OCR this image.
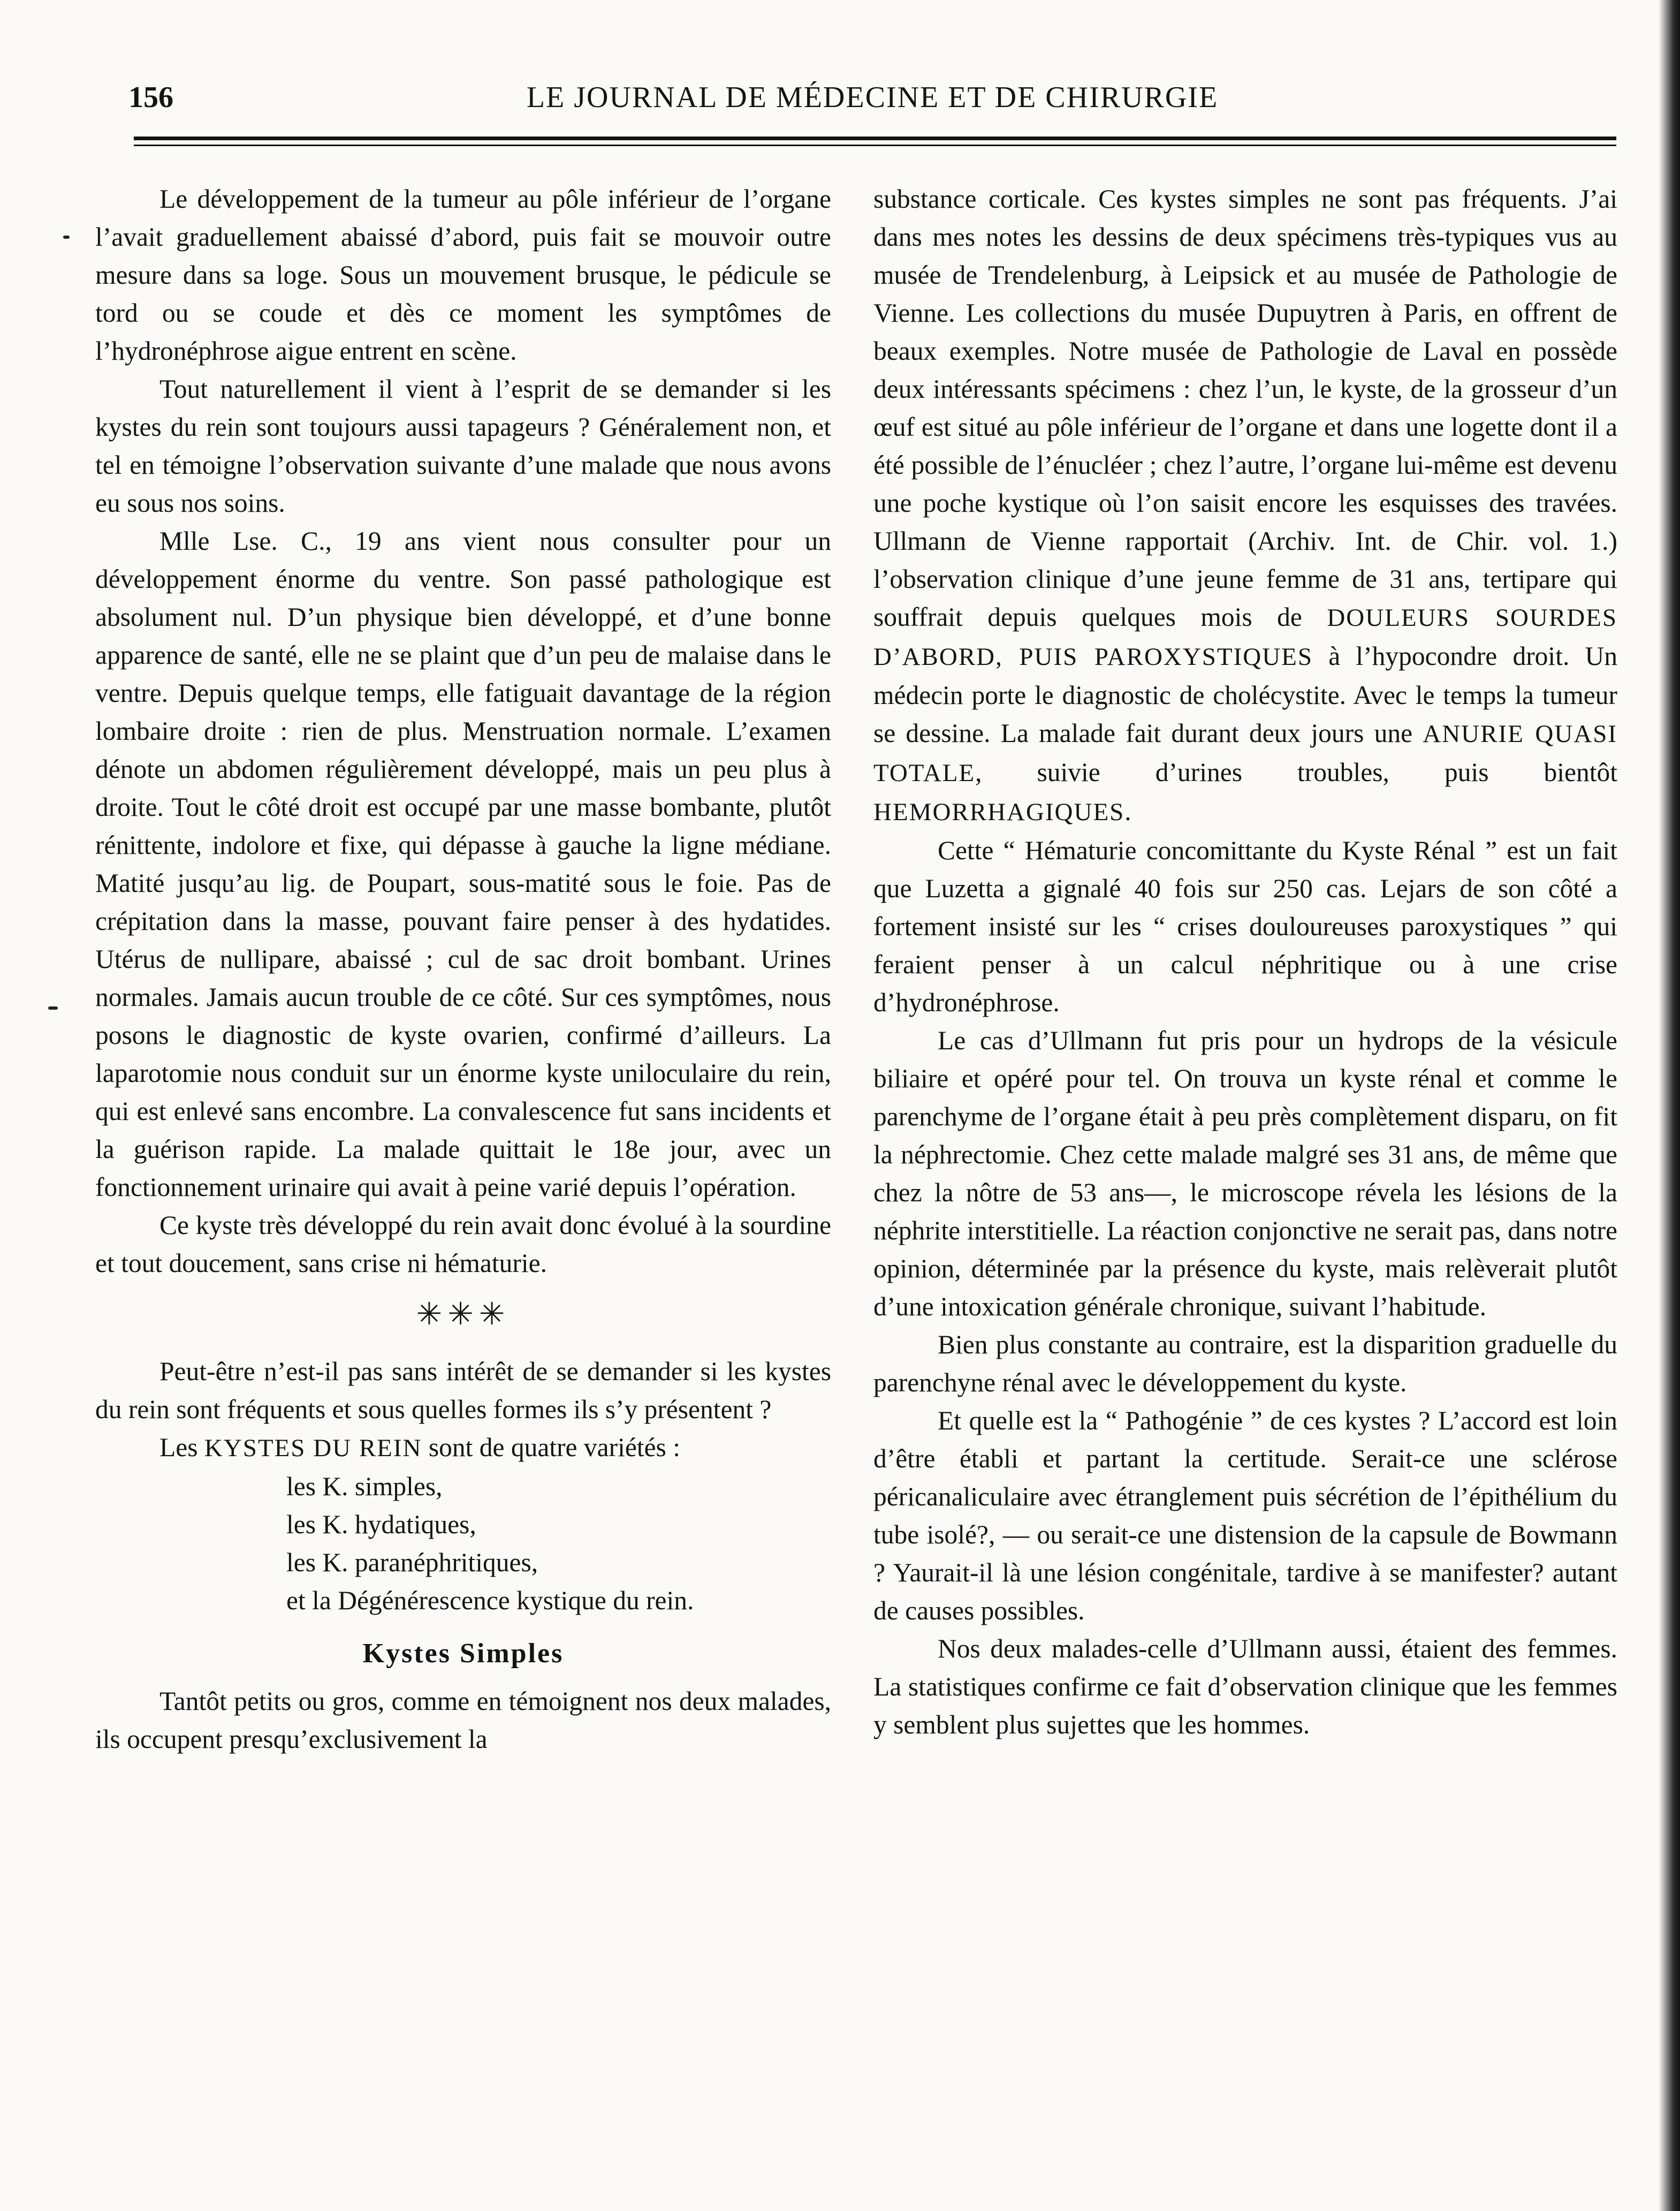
156	LE JOURNAL DE MÉDECINE ET DE CHIRURGIE

Le développement de la tumeur au pôle inférieur de l’organe l’avait graduellement abaissé d’abord, puis fait se mouvoir outre mesure dans sa loge. Sous un mouvement brusque, le pédicule se tord ou se coude et dès ce moment les symptômes de l’hydronéphrose aigue entrent en scène.

Tout naturellement il vient à l’esprit de se demander si les kystes du rein sont toujours aussi tapageurs ? Généralement non, et tel en témoigne l’observation suivante d’une malade que nous avons eu sous nos soins.

Mlle Lse. C., 19 ans vient nous consulter pour un développement énorme du ventre. Son passé pathologique est absolument nul. D’un physique bien développé, et d’une bonne apparence de santé, elle ne se plaint que d’un peu de malaise dans le ventre. Depuis quelque temps, elle fatiguait davantage de la région lombaire droite : rien de plus. Menstruation normale. L’examen dénote un abdomen régulièrement développé, mais un peu plus à droite. Tout le côté droit est occupé par une masse bombante, plutôt rénittente, indolore et fixe, qui dépasse à gauche la ligne médiane. Matité jusqu’au lig. de Poupart, sous-matité sous le foie. Pas de crépitation dans la masse, pouvant faire penser à des hydatides. Utérus de nullipare, abaissé ; cul de sac droit bombant. Urines normales. Jamais aucun trouble de ce côté. Sur ces symptômes, nous posons le diagnostic de kyste ovarien, confirmé d’ailleurs. La laparotomie nous conduit sur un énorme kyste uniloculaire du rein, qui est enlevé sans encombre. La convalescence fut sans incidents et la guérison rapide. La malade quittait le 18e jour, avec un fonctionnement urinaire qui avait à peine varié depuis l’opération.

Ce kyste très développé du rein avait donc évolué à la sourdine et tout doucement, sans crise ni hématurie.

✳✳✳

Peut-être n’est-il pas sans intérêt de se demander si les kystes du rein sont fréquents et sous quelles formes ils s’y présentent ?

Les KYSTES DU REIN sont de quatre variétés :

les K. simples,
les K. hydatiques,
les K. paranéphritiques,
et la Dégénérescence kystique du rein.
Kystes Simples

Tantôt petits ou gros, comme en témoignent nos deux malades, ils occupent presqu’exclusivement la

substance corticale. Ces kystes simples ne sont pas fréquents. J’ai dans mes notes les dessins de deux spécimens très-typiques vus au musée de Trendelenburg, à Leipsick et au musée de Pathologie de Vienne. Les collections du musée Dupuytren à Paris, en offrent de beaux exemples. Notre musée de Pathologie de Laval en possède deux intéressants spécimens : chez l’un, le kyste, de la grosseur d’un œuf est situé au pôle inférieur de l’organe et dans une logette dont il a été possible de l’énucléer ; chez l’autre, l’organe lui-même est devenu une poche kystique où l’on saisit encore les esquisses des travées. Ullmann de Vienne rapportait (Archiv. Int. de Chir. vol. 1.) l’observation clinique d’une jeune femme de 31 ans, tertipare qui souffrait depuis quelques mois de DOULEURS SOURDES D’ABORD, PUIS PAROXYSTIQUES à l’hypocondre droit. Un médecin porte le diagnostic de cholécystite. Avec le temps la tumeur se dessine. La malade fait durant deux jours une ANURIE QUASI TOTALE, suivie d’urines troubles, puis bientôt HEMORRHAGIQUES.

Cette “ Hématurie concomittante du Kyste Rénal ” est un fait que Luzetta a gignalé 40 fois sur 250 cas. Lejars de son côté a fortement insisté sur les “ crises douloureuses paroxystiques ” qui feraient penser à un calcul néphritique ou à une crise d’hydronéphrose.

Le cas d’Ullmann fut pris pour un hydrops de la vésicule biliaire et opéré pour tel. On trouva un kyste rénal et comme le parenchyme de l’organe était à peu près complètement disparu, on fit la néphrectomie. Chez cette malade malgré ses 31 ans, de même que chez la nôtre de 53 ans—, le microscope révela les lésions de la néphrite interstitielle. La réaction conjonctive ne serait pas, dans notre opinion, déterminée par la présence du kyste, mais relèverait plutôt d’une intoxication générale chronique, suivant l’habitude.

Bien plus constante au contraire, est la disparition graduelle du parenchyne rénal avec le développement du kyste.

Et quelle est la “ Pathogénie ” de ces kystes ? L’accord est loin d’être établi et partant la certitude. Serait-ce une sclérose péricanaliculaire avec étranglement puis sécrétion de l’épithélium du tube isolé?, — ou serait-ce une distension de la capsule de Bowmann ? Yaurait-il là une lésion congénitale, tardive à se manifester? autant de causes possibles.

Nos deux malades-celle d’Ullmann aussi, étaient des femmes. La statistiques confirme ce fait d’observation clinique que les femmes y semblent plus sujettes que les hommes.
